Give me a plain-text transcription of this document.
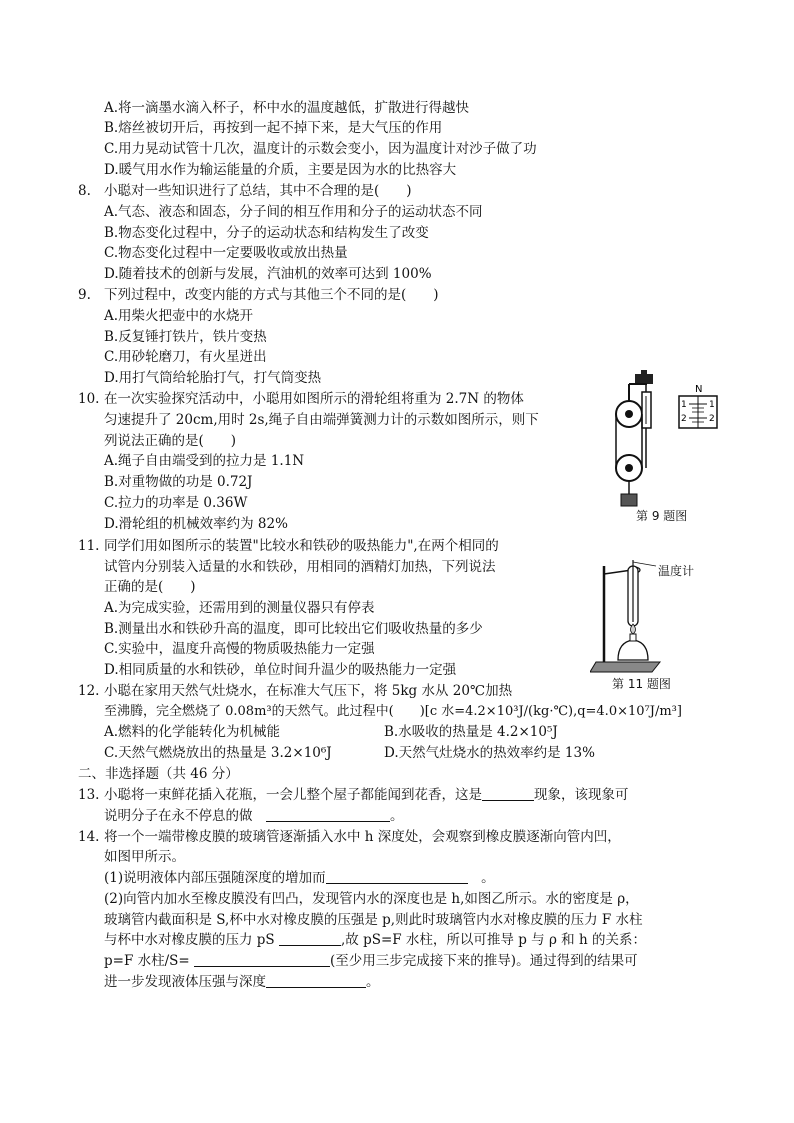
A.将一滴墨水滴入杯子，杯中水的温度越低，扩散进行得越快
B.熔丝被切开后，再按到一起不掉下来，是大气压的作用
C.用力晃动试管十几次，温度计的示数会变小，因为温度计对沙子做了功
D.暖气用水作为输运能量的介质，主要是因为水的比热容大
8. 小聪对一些知识进行了总结，其中不合理的是(　　)
A.气态、液态和固态，分子间的相互作用和分子的运动状态不同
B.物态变化过程中，分子的运动状态和结构发生了改变
C.物态变化过程中一定要吸收或放出热量
D.随着技术的创新与发展，汽油机的效率可达到 100%
9. 下列过程中，改变内能的方式与其他三个不同的是(　　)
A.用柴火把壶中的水烧开
B.反复锤打铁片，铁片变热
C.用砂轮磨刀，有火星迸出
D.用打气筒给轮胎打气，打气筒变热
10. 在一次实验探究活动中，小聪用如图所示的滑轮组将重为 2.7N 的物体
匀速提升了 20cm,用时 2s,绳子自由端弹簧测力计的示数如图所示，则下
列说法正确的是(　　)
A.绳子自由端受到的拉力是 1.1N
B.对重物做的功是 0.72J
C.拉力的功率是 0.36W
D.滑轮组的机械效率约为 82%
N
1
2
1
2
第 9 题图
11. 同学们用如图所示的装置"比较水和铁砂的吸热能力",在两个相同的
试管内分别装入适量的水和铁砂，用相同的酒精灯加热，下列说法
正确的是(　　)
A.为完成实验，还需用到的测量仪器只有停表
B.测量出水和铁砂升高的温度，即可比较出它们吸收热量的多少
C.实验中，温度升高慢的物质吸热能力一定强
D.相同质量的水和铁砂，单位时间升温少的吸热能力一定强
温度计
第 11 题图
12. 小聪在家用天然气灶烧水，在标准大气压下，将 5kg 水从 20℃加热
至沸腾，完全燃烧了 0.08m³的天然气。此过程中(　　)[c 水=4.2×10³J/(kg·℃),q=4.0×10⁷J/m³]
A.燃料的化学能转化为机械能	B.水吸收的热量是 4.2×10⁵J
C.天然气燃烧放出的热量是 3.2×10⁶J	D.天然气灶烧水的热效率约是 13%
二、非选择题（共 46 分）
13. 小聪将一束鲜花插入花瓶，一会儿整个屋子都能闻到花香，这是	现象，该现象可
说明分子在永不停息的做　	。
14. 将一个一端带橡皮膜的玻璃管逐渐插入水中 h 深度处，会观察到橡皮膜逐渐向管内凹，
如图甲所示。
(1)说明液体内部压强随深度的增加而　	。
(2)向管内加水至橡皮膜没有凹凸，发现管内水的深度也是 h,如图乙所示。水的密度是 ρ，
玻璃管内截面积是 S,杯中水对橡皮膜的压强是 p,则此时玻璃管内水对橡皮膜的压力 F 水柱
与杯中水对橡皮膜的压力 pS	,故 pS=F 水柱，所以可推导 p 与 ρ 和 h 的关系：
p=F 水柱/S=	(至少用三步完成接下来的推导)。通过得到的结果可
进一步发现液体压强与深度	。
